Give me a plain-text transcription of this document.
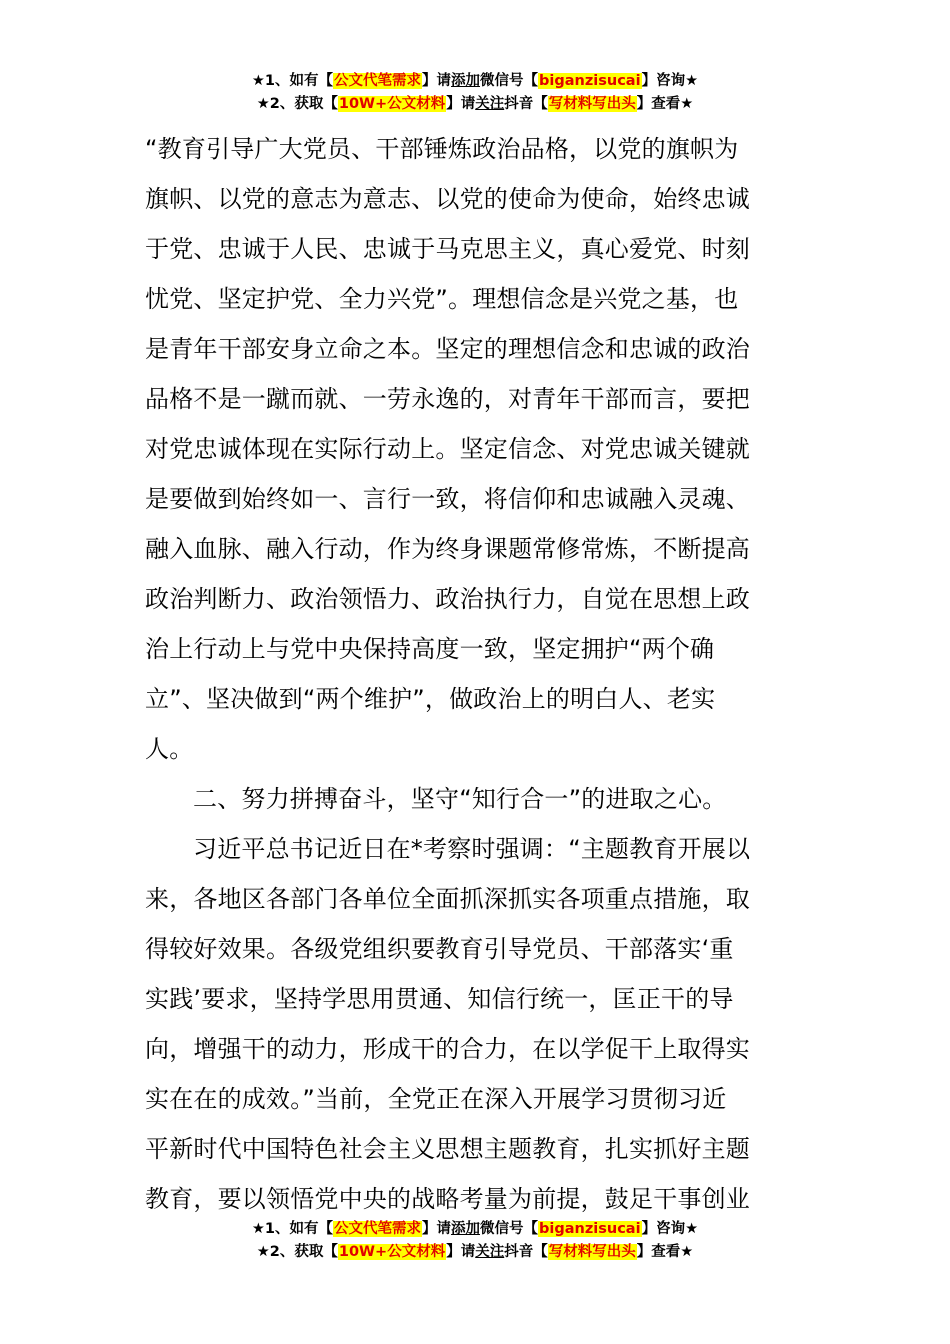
★1、如有【公文代笔需求】请添加微信号【biganzisucai】咨询★
★2、获取【10W+公文材料】请关注抖音【写材料写出头】查看★
“教育引导广大党员、干部锤炼政治品格，以党的旗帜为
旗帜、以党的意志为意志、以党的使命为使命，始终忠诚
于党、忠诚于人民、忠诚于马克思主义，真心爱党、时刻
忧党、坚定护党、全力兴党”。理想信念是兴党之基，也
是青年干部安身立命之本。坚定的理想信念和忠诚的政治
品格不是一蹴而就、一劳永逸的，对青年干部而言，要把
对党忠诚体现在实际行动上。坚定信念、对党忠诚关键就
是要做到始终如一、言行一致，将信仰和忠诚融入灵魂、
融入血脉、融入行动，作为终身课题常修常炼，不断提高
政治判断力、政治领悟力、政治执行力，自觉在思想上政
治上行动上与党中央保持高度一致，坚定拥护“两个确
立”、坚决做到“两个维护”，做政治上的明白人、老实
人。
二、努力拼搏奋斗，坚守“知行合一”的进取之心。
习近平总书记近日在*考察时强调：“主题教育开展以
来，各地区各部门各单位全面抓深抓实各项重点措施，取
得较好效果。各级党组织要教育引导党员、干部落实‘重
实践’要求，坚持学思用贯通、知信行统一，匡正干的导
向，增强干的动力，形成干的合力，在以学促干上取得实
实在在的成效。”当前，全党正在深入开展学习贯彻习近
平新时代中国特色社会主义思想主题教育，扎实抓好主题
教育，要以领悟党中央的战略考量为前提，鼓足干事创业
★1、如有【公文代笔需求】请添加微信号【biganzisucai】咨询★
★2、获取【10W+公文材料】请关注抖音【写材料写出头】查看★
